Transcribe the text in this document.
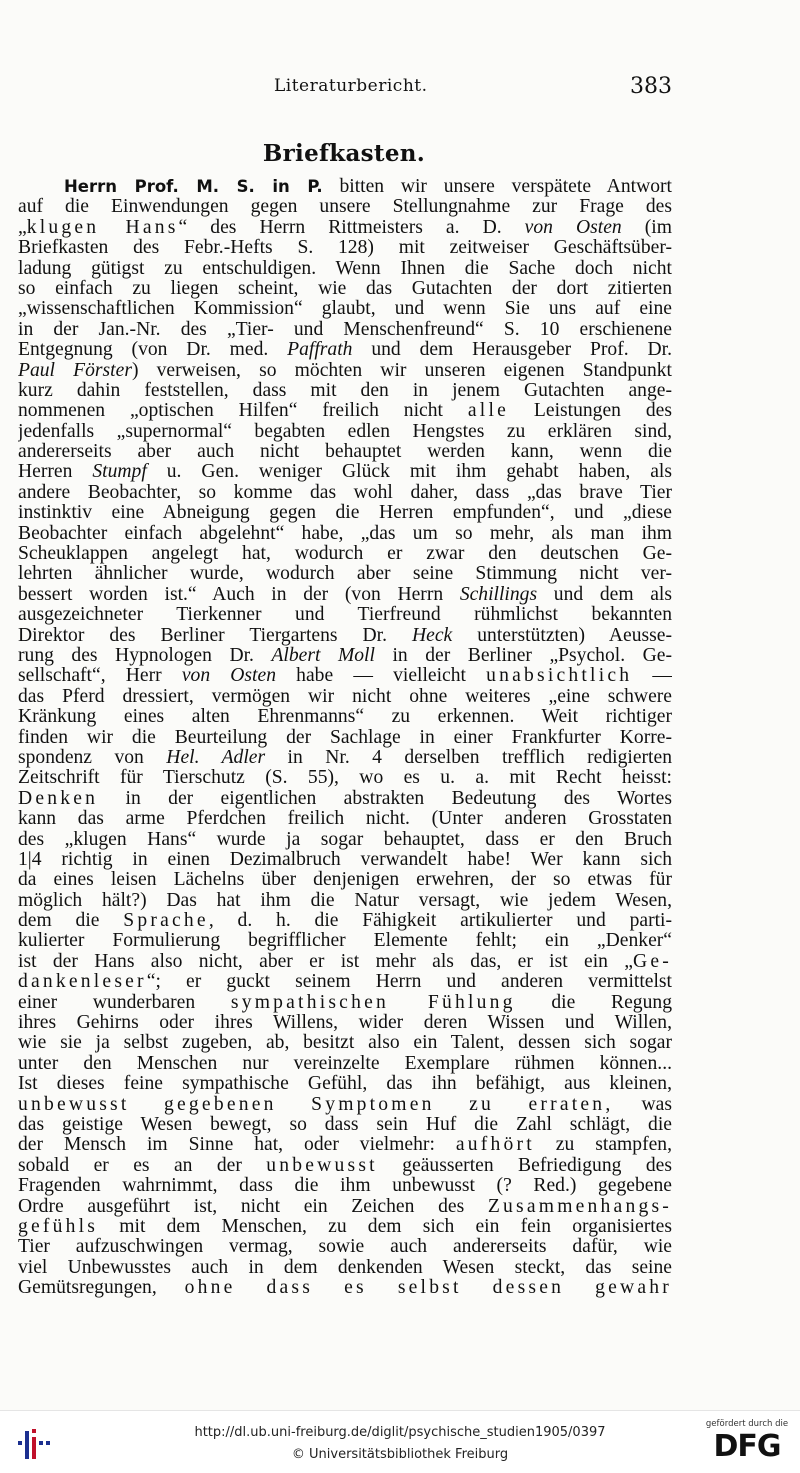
Literaturbericht.	383
Briefkasten.
Herrn Prof. M. S. in P. bitten wir unsere verspätete Antwort
auf die Einwendungen gegen unsere Stellungnahme zur Frage des
„klugen Hans“ des Herrn Rittmeisters a. D. von Osten (im
Briefkasten des Febr.-Hefts S. 128) mit zeitweiser Geschäftsüber-
ladung gütigst zu entschuldigen. Wenn Ihnen die Sache doch nicht
so einfach zu liegen scheint, wie das Gutachten der dort zitierten
„wissenschaftlichen Kommission“ glaubt, und wenn Sie uns auf eine
in der Jan.-Nr. des „Tier- und Menschenfreund“ S. 10 erschienene
Entgegnung (von Dr. med. Paffrath und dem Herausgeber Prof. Dr.
Paul Förster) verweisen, so möchten wir unseren eigenen Standpunkt
kurz dahin feststellen, dass mit den in jenem Gutachten ange-
nommenen „optischen Hilfen“ freilich nicht alle Leistungen des
jedenfalls „supernormal“ begabten edlen Hengstes zu erklären sind,
andererseits aber auch nicht behauptet werden kann, wenn die
Herren Stumpf u. Gen. weniger Glück mit ihm gehabt haben, als
andere Beobachter, so komme das wohl daher, dass „das brave Tier
instinktiv eine Abneigung gegen die Herren empfunden“, und „diese
Beobachter einfach abgelehnt“ habe, „das um so mehr, als man ihm
Scheuklappen angelegt hat, wodurch er zwar den deutschen Ge-
lehrten ähnlicher wurde, wodurch aber seine Stimmung nicht ver-
bessert worden ist.“ Auch in der (von Herrn Schillings und dem als
ausgezeichneter Tierkenner und Tierfreund rühmlichst bekannten
Direktor des Berliner Tiergartens Dr. Heck unterstützten) Aeusse-
rung des Hypnologen Dr. Albert Moll in der Berliner „Psychol. Ge-
sellschaft“, Herr von Osten habe — vielleicht unabsichtlich —
das Pferd dressiert, vermögen wir nicht ohne weiteres „eine schwere
Kränkung eines alten Ehrenmanns“ zu erkennen. Weit richtiger
finden wir die Beurteilung der Sachlage in einer Frankfurter Korre-
spondenz von Hel. Adler in Nr. 4 derselben trefflich redigierten
Zeitschrift für Tierschutz (S. 55), wo es u. a. mit Recht heisst:
Denken in der eigentlichen abstrakten Bedeutung des Wortes
kann das arme Pferdchen freilich nicht. (Unter anderen Grosstaten
des „klugen Hans“ wurde ja sogar behauptet, dass er den Bruch
1|4 richtig in einen Dezimalbruch verwandelt habe! Wer kann sich
da eines leisen Lächelns über denjenigen erwehren, der so etwas für
möglich hält?) Das hat ihm die Natur versagt, wie jedem Wesen,
dem die Sprache, d. h. die Fähigkeit artikulierter und parti-
kulierter Formulierung begrifflicher Elemente fehlt; ein „Denker“
ist der Hans also nicht, aber er ist mehr als das, er ist ein „Ge-
dankenleser“; er guckt seinem Herrn und anderen vermittelst
einer wunderbaren sympathischen Fühlung die Regung
ihres Gehirns oder ihres Willens, wider deren Wissen und Willen,
wie sie ja selbst zugeben, ab, besitzt also ein Talent, dessen sich sogar
unter den Menschen nur vereinzelte Exemplare rühmen können...
Ist dieses feine sympathische Gefühl, das ihn befähigt, aus kleinen,
unbewusst gegebenen Symptomen zu erraten, was
das geistige Wesen bewegt, so dass sein Huf die Zahl schlägt, die
der Mensch im Sinne hat, oder vielmehr: aufhört zu stampfen,
sobald er es an der unbewusst geäusserten Befriedigung des
Fragenden wahrnimmt, dass die ihm unbewusst (? Red.) gegebene
Ordre ausgeführt ist, nicht ein Zeichen des Zusammenhangs-
gefühls mit dem Menschen, zu dem sich ein fein organisiertes
Tier aufzuschwingen vermag, sowie auch andererseits dafür, wie
viel Unbewusstes auch in dem denkenden Wesen steckt, das seine
Gemütsregungen, ohne dass es selbst dessen gewahr
http://dl.ub.uni-freiburg.de/diglit/psychische_studien1905/0397
© Universitätsbibliothek Freiburg
gefördert durch die
DFG
